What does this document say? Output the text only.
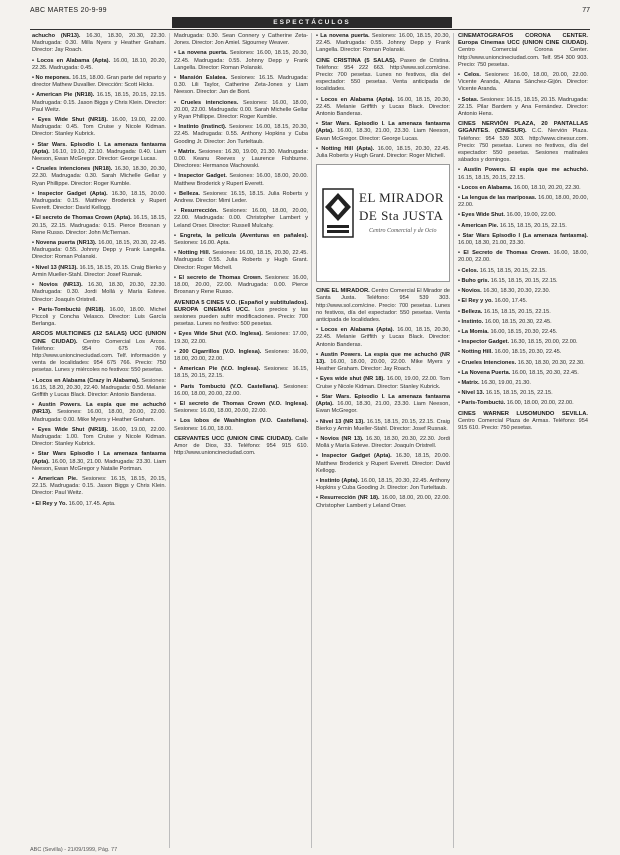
ABC MARTES 20-9-99	77
ESPECTÁCULOS
achucho (NR13). 16.30, 18.30, 20.30, 22.30. Madrugada: 0.30. Milla Nyers y Heather Graham. Director: Jay Roach.
• Locos en Alabama (Apta). 16.00, 18.10, 20.20, 22.35. Madrugada: 0.45.
• No mepones. 16.15, 18.00. Gran parte del reparto y director Mathew Duvallier. Dirección: Scott Hicks.
• American Pie (NR18). 16.15, 18.15, 20.15, 22.15. Madrugada: 0.15. Jason Biggs y Chris Klein. Director: Paul Weitz.
• Eyes Wide Shut (NR18). 16.00, 19.00, 22.00. Madrugada: 0.45. Tom Cruise y Nicole Kidman. Director: Stanley Kubrick.
• Star Wars. Episodio I. La amenaza fantasma (Apta). 16.10, 19.10, 22.10. Madrugada: 0.40. Liam Neeson, Ewan McGregor. Director: George Lucas.
• Crueles intenciones (NR18). 16.30, 18.30, 20.30, 22.30. Madrugada: 0.30. Sarah Michelle Gellar y Ryan Phillippe. Director: Roger Kumble.
• Inspector Gadget (Apta). 16.30, 18.15, 20.00. Madrugada: 0.15. Matthew Broderick y Rupert Everett. Director: David Kellogg.
• El secreto de Thomas Crown (Apta). 16.15, 18.15, 20.15, 22.15. Madrugada: 0.15. Pierce Brosnan y Rene Russo. Director: John McTiernan.
• Novena puerta (NR13). 16.00, 18.15, 20.30, 22.45. Madrugada: 0.55. Johnny Depp y Frank Langella. Director: Roman Polanski.
• Nivel 13 (NR13). 16.15, 18.15, 20.15. Craig Bierko y Armin Mueller-Stahl. Director: Josef Rusnak.
• Novios (NR13). 16.30, 18.30, 20.30, 22.30. Madrugada: 0.30. Jordi Mollá y María Esteve. Director: Joaquín Oristrell.
• París-Tombuctú (NR18). 16.00, 18.00. Michel Piccoli y Concha Velasco. Director: Luis García Berlanga.
ARCOS MULTICINES (12 SALAS) UCC (UNION CINE CIUDAD). Centro Comercial Los Arcos. Teléfono: 954 675 766. http://www.unioncineciudad.com. Telf. información y venta de localidades: 954 675 766. Precio: 750 pesetas. Lunes y miércoles no festivos: 550 pesetas.
• Locos en Alabama (Crazy in Alabama). Sesiones: 16.15, 18.20, 20.30, 22.40. Madrugada: 0.50. Melanie Griffith y Lucas Black. Director: Antonio Banderas.
• Austin Powers. La espía que me achuchó (NR13). Sesiones: 16.00, 18.00, 20.00, 22.00. Madrugada: 0.00. Mike Myers y Heather Graham.
• Eyes Wide Shut (NR18). 16.00, 19.00, 22.00. Madrugada: 1.00. Tom Cruise y Nicole Kidman. Director: Stanley Kubrick.
• Star Wars Episodio I La amenaza fantasma (Apta). 16.00, 18.30, 21.00. Madrugada: 23.30. Liam Neeson, Ewan McGregor y Natalie Portman.
• American Pie. Sesiones: 16.15, 18.15, 20.15, 22.15. Madrugada: 0.15. Jason Biggs y Chris Klein. Director: Paul Weitz.
• El Rey y Yo. 16.00, 17.45. Apta.
Madrugada: 0.30. Sean Connery y Catherine Zeta-Jones. Director: Jon Amiel. Sigourney Weaver.
• La novena puerta. Sesiones: 16.00, 18.15, 20.30, 22.45. Madrugada: 0.55. Johnny Depp y Frank Langella. Director: Roman Polanski.
• Mansión Eslatea. Sesiones: 16.15. Madrugada: 0.30. Lili Taylor, Catherine Zeta-Jones y Liam Neeson. Director: Jan de Bont.
• Crueles intenciones. Sesiones: 16.00, 18.00, 20.00, 22.00. Madrugada: 0.00. Sarah Michelle Gellar y Ryan Phillippe. Director: Roger Kumble.
• Instinto (Instinct). Sesiones: 16.00, 18.15, 20.30, 22.45. Madrugada: 0.55. Anthony Hopkins y Cuba Gooding Jr. Director: Jon Turteltaub.
• Matrix. Sesiones: 16.30, 19.00, 21.30. Madrugada: 0.00. Keanu Reeves y Laurence Fishburne. Directores: Hermanos Wachowski.
• Inspector Gadget. Sesiones: 16.00, 18.00, 20.00. Matthew Broderick y Rupert Everett.
• Belleza. Sesiones: 16.15, 18.15. Julia Roberts y Andrew. Director: Mimi Leder.
• Resurrección. Sesiones: 16.00, 18.00, 20.00, 22.00. Madrugada: 0.00. Christopher Lambert y Leland Orser. Director: Russell Mulcahy.
• Engreta, la película (Aventuras en pañales). Sesiones: 16.00. Apta.
• Notting Hill. Sesiones: 16.00, 18.15, 20.30, 22.45. Madrugada: 0.55. Julia Roberts y Hugh Grant. Director: Roger Michell.
• El secreto de Thomas Crown. Sesiones: 16.00, 18.00, 20.00, 22.00. Madrugada: 0.00. Pierce Brosnan y Rene Russo.
AVENIDA 5 CINES V.O. (Español y subtitulados). EUROPA CINEMAS UCC. Los precios y las sesiones pueden sufrir modificaciones. Precio: 700 pesetas. Lunes no festivo: 500 pesetas.
• Eyes Wide Shut (V.O. Inglesa). Sesiones: 17.00, 19.30, 22.00.
• 200 Cigarrillos (V.O. Inglesa). Sesiones: 16.00, 18.00, 20.00, 22.00.
• American Pie (V.O. Inglesa). Sesiones: 16.15, 18.15, 20.15, 22.15.
• París Tombuctú (V.O. Castellana). Sesiones: 16.00, 18.00, 20.00, 22.00.
• El secreto de Thomas Crown (V.O. Inglesa). Sesiones: 16.00, 18.00, 20.00, 22.00.
• Los lobos de Washington (V.O. Castellana). Sesiones: 16.00, 18.00.
CERVANTES UCC (UNION CINE CIUDAD). Calle Amor de Dios, 33. Teléfono: 954 915 610. http://www.unioncineciudad.com.
• La novena puerta. Sesiones: 16.00, 18.15, 20.30, 22.45. Madrugada: 0.55. Johnny Depp y Frank Langella. Director: Roman Polanski.
CINE CRISTINA (5 SALAS). Paseo de Cristina. Teléfono: 954 222 663. http://www.sol.com/cine. Precio: 700 pesetas. Lunes no festivos, día del espectador: 550 pesetas. Venta anticipada de localidades.
• Locos en Alabama (Apta). 16.00, 18.15, 20.30, 22.45. Melanie Griffith y Lucas Black. Director: Antonio Banderas.
• Star Wars. Episodio I. La amenaza fantasma (Apta). 16.00, 18.30, 21.00, 23.30. Liam Neeson, Ewan McGregor. Director: George Lucas.
• Notting Hill (Apta). 16.00, 18.15, 20.30, 22.45. Julia Roberts y Hugh Grant. Director: Roger Michell.
EL MIRADOR
DE Sta JUSTA
Centro Comercial y de Ocio
CINE EL MIRADOR. Centro Comercial El Mirador de Santa Justa. Teléfono: 954 539 303. http://www.sol.com/cine. Precio: 700 pesetas. Lunes no festivos, día del espectador: 550 pesetas. Venta anticipada de localidades.
• Locos en Alabama (Apta). 16.00, 18.15, 20.30, 22.45. Melanie Griffith y Lucas Black. Director: Antonio Banderas.
• Austin Powers. La espía que me achuchó (NR 13). 16.00, 18.00, 20.00, 22.00. Mike Myers y Heather Graham. Director: Jay Roach.
• Eyes wide shut (NR 18). 16.00, 19.00, 22.00. Tom Cruise y Nicole Kidman. Director: Stanley Kubrick.
• Star Wars. Episodio I. La amenaza fantasma (Apta). 16.00, 18.30, 21.00, 23.30. Liam Neeson, Ewan McGregor.
• Nivel 13 (NR 13). 16.15, 18.15, 20.15, 22.15. Craig Bierko y Armin Mueller-Stahl. Director: Josef Rusnak.
• Novios (NR 13). 16.30, 18.30, 20.30, 22.30. Jordi Mollá y María Esteve. Director: Joaquín Oristrell.
• Inspector Gadget (Apta). 16.30, 18.15, 20.00. Matthew Broderick y Rupert Everett. Director: David Kellogg.
• Instinto (Apta). 16.00, 18.15, 20.30, 22.45. Anthony Hopkins y Cuba Gooding Jr. Director: Jon Turteltaub.
• Resurrección (NR 18). 16.00, 18.00, 20.00, 22.00. Christopher Lambert y Leland Orser.
CINEMATÓGRAFOS CORONA CENTER. Europa Cinemas UCC (UNION CINE CIUDAD). Centro Comercial Corona Center. http://www.unioncineciudad.com. Telf. 954 300 903. Precio: 750 pesetas.
• Celos. Sesiones: 16.00, 18.00, 20.00, 22.00. Vicente Aranda, Aitana Sánchez-Gijón. Director: Vicente Aranda.
• Sotas. Sesiones: 16.15, 18.15, 20.15. Madrugada: 22.15. Pilar Bardem y Ana Fernández. Director: Antonio Hens.
CINES NERVIÓN PLAZA, 20 PANTALLAS GIGANTES. (CINESUR). C.C. Nervión Plaza. Teléfono: 954 539 303. http://www.cinesur.com. Precio: 750 pesetas. Lunes no festivos, día del espectador: 550 pesetas. Sesiones matinales sábados y domingos.
• Austin Powers. El espía que me achuchó. 16.15, 18.15, 20.15, 22.15.
• Locos en Alabama. 16.00, 18.10, 20.20, 22.30.
• La lengua de las mariposas. 16.00, 18.00, 20.00, 22.00.
• Eyes Wide Shut. 16.00, 19.00, 22.00.
• American Pie. 16.15, 18.15, 20.15, 22.15.
• Star Wars Episodio I (La amenaza fantasma). 16.00, 18.30, 21.00, 23.30.
• El Secreto de Thomas Crown. 16.00, 18.00, 20.00, 22.00.
• Celos. 16.15, 18.15, 20.15, 22.15.
• Buho gris. 16.15, 18.15, 20.15, 22.15.
• Novios. 16.30, 18.30, 20.30, 22.30.
• El Rey y yo. 16.00, 17.45.
• Belleza. 16.15, 18.15, 20.15, 22.15.
• Instinto. 16.00, 18.15, 20.30, 22.45.
• La Momia. 16.00, 18.15, 20.30, 22.45.
• Inspector Gadget. 16.30, 18.15, 20.00, 22.00.
• Notting Hill. 16.00, 18.15, 20.30, 22.45.
• Crueles Intenciones. 16.30, 18.30, 20.30, 22.30.
• La Novena Puerta. 16.00, 18.15, 20.30, 22.45.
• Matrix. 16.30, 19.00, 21.30.
• Nivel 13. 16.15, 18.15, 20.15, 22.15.
• París-Tombuctú. 16.00, 18.00, 20.00, 22.00.
CINES WARNER LUSOMUNDO SEVILLA. Centro Comercial Plaza de Armas. Teléfono: 954 915 610. Precio: 750 pesetas.
ABC (Sevilla) - 21/09/1999, Pág. 77
